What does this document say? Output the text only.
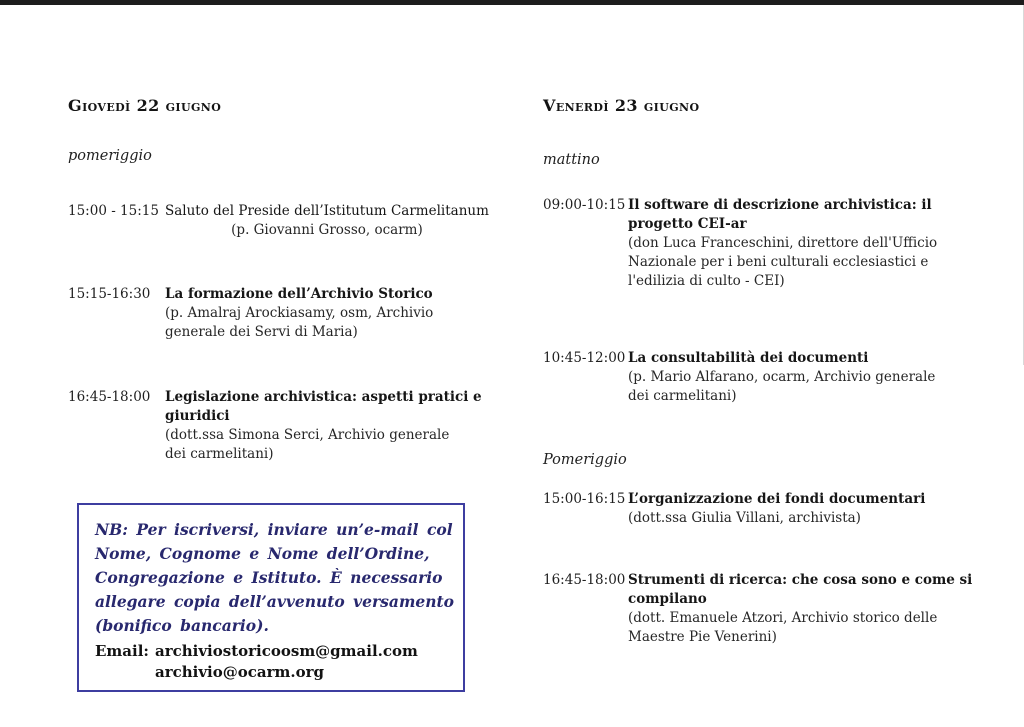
Giovedì 22 giugno
pomeriggio
15:00 - 15:15 Saluto del Preside dell’Istitutum Carmelitanum
(p. Giovanni Grosso, ocarm)
15:15-16:30	La formazione dell’Archivio Storico
(p. Amalraj Arockiasamy, osm, Archivio
generale dei Servi di Maria)
16:45-18:00	Legislazione archivistica: aspetti pratici e
giuridici
(dott.ssa Simona Serci, Archivio generale
dei carmelitani)
NB: Per iscriversi, inviare un’e-mail col
Nome, Cognome e Nome dell’Ordine,
Congregazione e Istituto. È necessario
allegare copia dell’avvenuto versamento
(bonifico bancario).
Email: archiviostoricoosm@gmail.com
archivio@ocarm.org
Venerdì 23 giugno
mattino
09:00-10:15 Il software di descrizione archivistica: il
progetto CEI-ar
(don Luca Franceschini, direttore dell'Ufficio
Nazionale per i beni culturali ecclesiastici e
l'edilizia di culto - CEI)
10:45-12:00 La consultabilità dei documenti
(p. Mario Alfarano, ocarm, Archivio generale
dei carmelitani)
Pomeriggio
15:00-16:15 L’organizzazione dei fondi documentari
(dott.ssa Giulia Villani, archivista)
16:45-18:00 Strumenti di ricerca: che cosa sono e come si
compilano
(dott. Emanuele Atzori, Archivio storico delle
Maestre Pie Venerini)
